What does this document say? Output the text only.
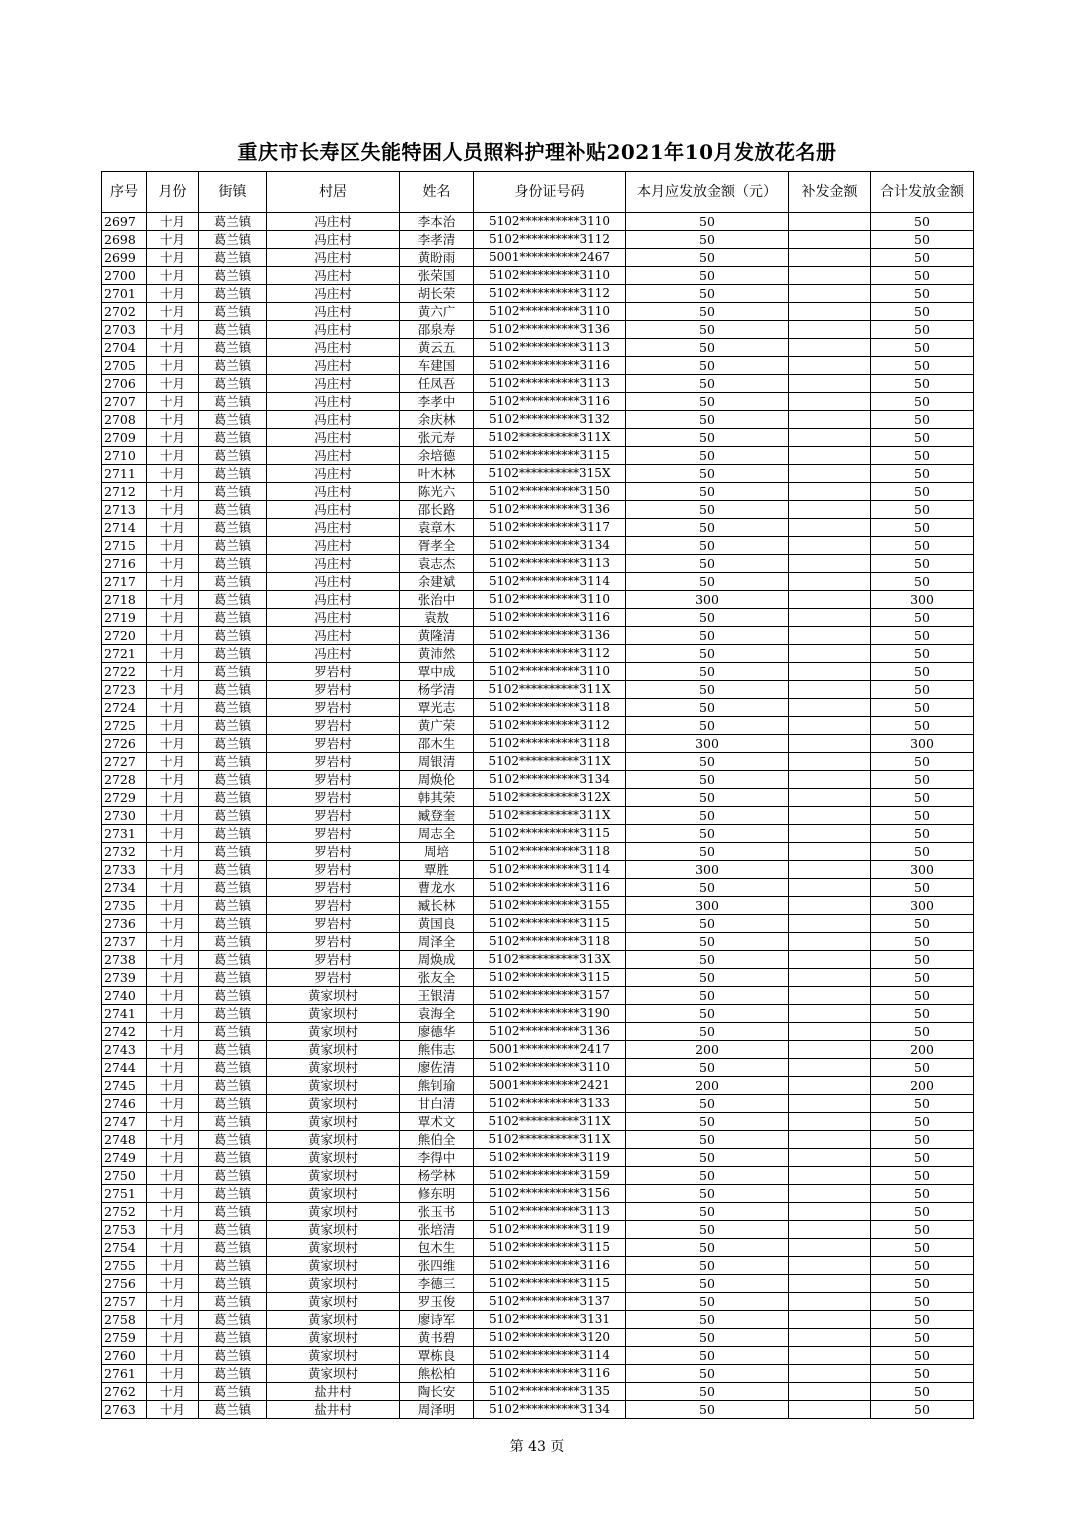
重庆市长寿区失能特困人员照料护理补贴2021年10月发放花名册
序号	月份	街镇	村居	姓名	身份证号码	本月应发放金额（元）	补发金额	合计发放金额
2697	十月	葛兰镇	冯庄村	李本治	5102**********3110	50		50
2698	十月	葛兰镇	冯庄村	李孝清	5102**********3112	50		50
2699	十月	葛兰镇	冯庄村	黄盼雨	5001**********2467	50		50
2700	十月	葛兰镇	冯庄村	张荣国	5102**********3110	50		50
2701	十月	葛兰镇	冯庄村	胡长荣	5102**********3112	50		50
2702	十月	葛兰镇	冯庄村	黄六广	5102**********3110	50		50
2703	十月	葛兰镇	冯庄村	邵泉寿	5102**********3136	50		50
2704	十月	葛兰镇	冯庄村	黄云五	5102**********3113	50		50
2705	十月	葛兰镇	冯庄村	车建国	5102**********3116	50		50
2706	十月	葛兰镇	冯庄村	任凤吾	5102**********3113	50		50
2707	十月	葛兰镇	冯庄村	李孝中	5102**********3116	50		50
2708	十月	葛兰镇	冯庄村	余庆林	5102**********3132	50		50
2709	十月	葛兰镇	冯庄村	张元寿	5102**********311X	50		50
2710	十月	葛兰镇	冯庄村	余培德	5102**********3115	50		50
2711	十月	葛兰镇	冯庄村	叶木林	5102**********315X	50		50
2712	十月	葛兰镇	冯庄村	陈光六	5102**********3150	50		50
2713	十月	葛兰镇	冯庄村	邵长路	5102**********3136	50		50
2714	十月	葛兰镇	冯庄村	袁章木	5102**********3117	50		50
2715	十月	葛兰镇	冯庄村	胥孝全	5102**********3134	50		50
2716	十月	葛兰镇	冯庄村	袁志杰	5102**********3113	50		50
2717	十月	葛兰镇	冯庄村	余建斌	5102**********3114	50		50
2718	十月	葛兰镇	冯庄村	张治中	5102**********3110	300		300
2719	十月	葛兰镇	冯庄村	袁敖	5102**********3116	50		50
2720	十月	葛兰镇	冯庄村	黄隆清	5102**********3136	50		50
2721	十月	葛兰镇	冯庄村	黄沛然	5102**********3112	50		50
2722	十月	葛兰镇	罗岩村	覃中成	5102**********3110	50		50
2723	十月	葛兰镇	罗岩村	杨学清	5102**********311X	50		50
2724	十月	葛兰镇	罗岩村	覃光志	5102**********3118	50		50
2725	十月	葛兰镇	罗岩村	黄广荣	5102**********3112	50		50
2726	十月	葛兰镇	罗岩村	邵木生	5102**********3118	300		300
2727	十月	葛兰镇	罗岩村	周银清	5102**********311X	50		50
2728	十月	葛兰镇	罗岩村	周焕伦	5102**********3134	50		50
2729	十月	葛兰镇	罗岩村	韩其荣	5102**********312X	50		50
2730	十月	葛兰镇	罗岩村	臧登奎	5102**********311X	50		50
2731	十月	葛兰镇	罗岩村	周志全	5102**********3115	50		50
2732	十月	葛兰镇	罗岩村	周培	5102**********3118	50		50
2733	十月	葛兰镇	罗岩村	覃胜	5102**********3114	300		300
2734	十月	葛兰镇	罗岩村	曹龙水	5102**********3116	50		50
2735	十月	葛兰镇	罗岩村	臧长林	5102**********3155	300		300
2736	十月	葛兰镇	罗岩村	黄国良	5102**********3115	50		50
2737	十月	葛兰镇	罗岩村	周泽全	5102**********3118	50		50
2738	十月	葛兰镇	罗岩村	周焕成	5102**********313X	50		50
2739	十月	葛兰镇	罗岩村	张友全	5102**********3115	50		50
2740	十月	葛兰镇	黄家坝村	王银清	5102**********3157	50		50
2741	十月	葛兰镇	黄家坝村	袁海全	5102**********3190	50		50
2742	十月	葛兰镇	黄家坝村	廖德华	5102**********3136	50		50
2743	十月	葛兰镇	黄家坝村	熊伟志	5001**********2417	200		200
2744	十月	葛兰镇	黄家坝村	廖佐清	5102**********3110	50		50
2745	十月	葛兰镇	黄家坝村	熊钊瑜	5001**********2421	200		200
2746	十月	葛兰镇	黄家坝村	甘白清	5102**********3133	50		50
2747	十月	葛兰镇	黄家坝村	覃术文	5102**********311X	50		50
2748	十月	葛兰镇	黄家坝村	熊伯全	5102**********311X	50		50
2749	十月	葛兰镇	黄家坝村	李得中	5102**********3119	50		50
2750	十月	葛兰镇	黄家坝村	杨学林	5102**********3159	50		50
2751	十月	葛兰镇	黄家坝村	修东明	5102**********3156	50		50
2752	十月	葛兰镇	黄家坝村	张玉书	5102**********3113	50		50
2753	十月	葛兰镇	黄家坝村	张培清	5102**********3119	50		50
2754	十月	葛兰镇	黄家坝村	包木生	5102**********3115	50		50
2755	十月	葛兰镇	黄家坝村	张四维	5102**********3116	50		50
2756	十月	葛兰镇	黄家坝村	李德三	5102**********3115	50		50
2757	十月	葛兰镇	黄家坝村	罗玉俊	5102**********3137	50		50
2758	十月	葛兰镇	黄家坝村	廖诗军	5102**********3131	50		50
2759	十月	葛兰镇	黄家坝村	黄书碧	5102**********3120	50		50
2760	十月	葛兰镇	黄家坝村	覃栋良	5102**********3114	50		50
2761	十月	葛兰镇	黄家坝村	熊松柏	5102**********3116	50		50
2762	十月	葛兰镇	盐井村	陶长安	5102**********3135	50		50
2763	十月	葛兰镇	盐井村	周泽明	5102**********3134	50		50
第 43 页
